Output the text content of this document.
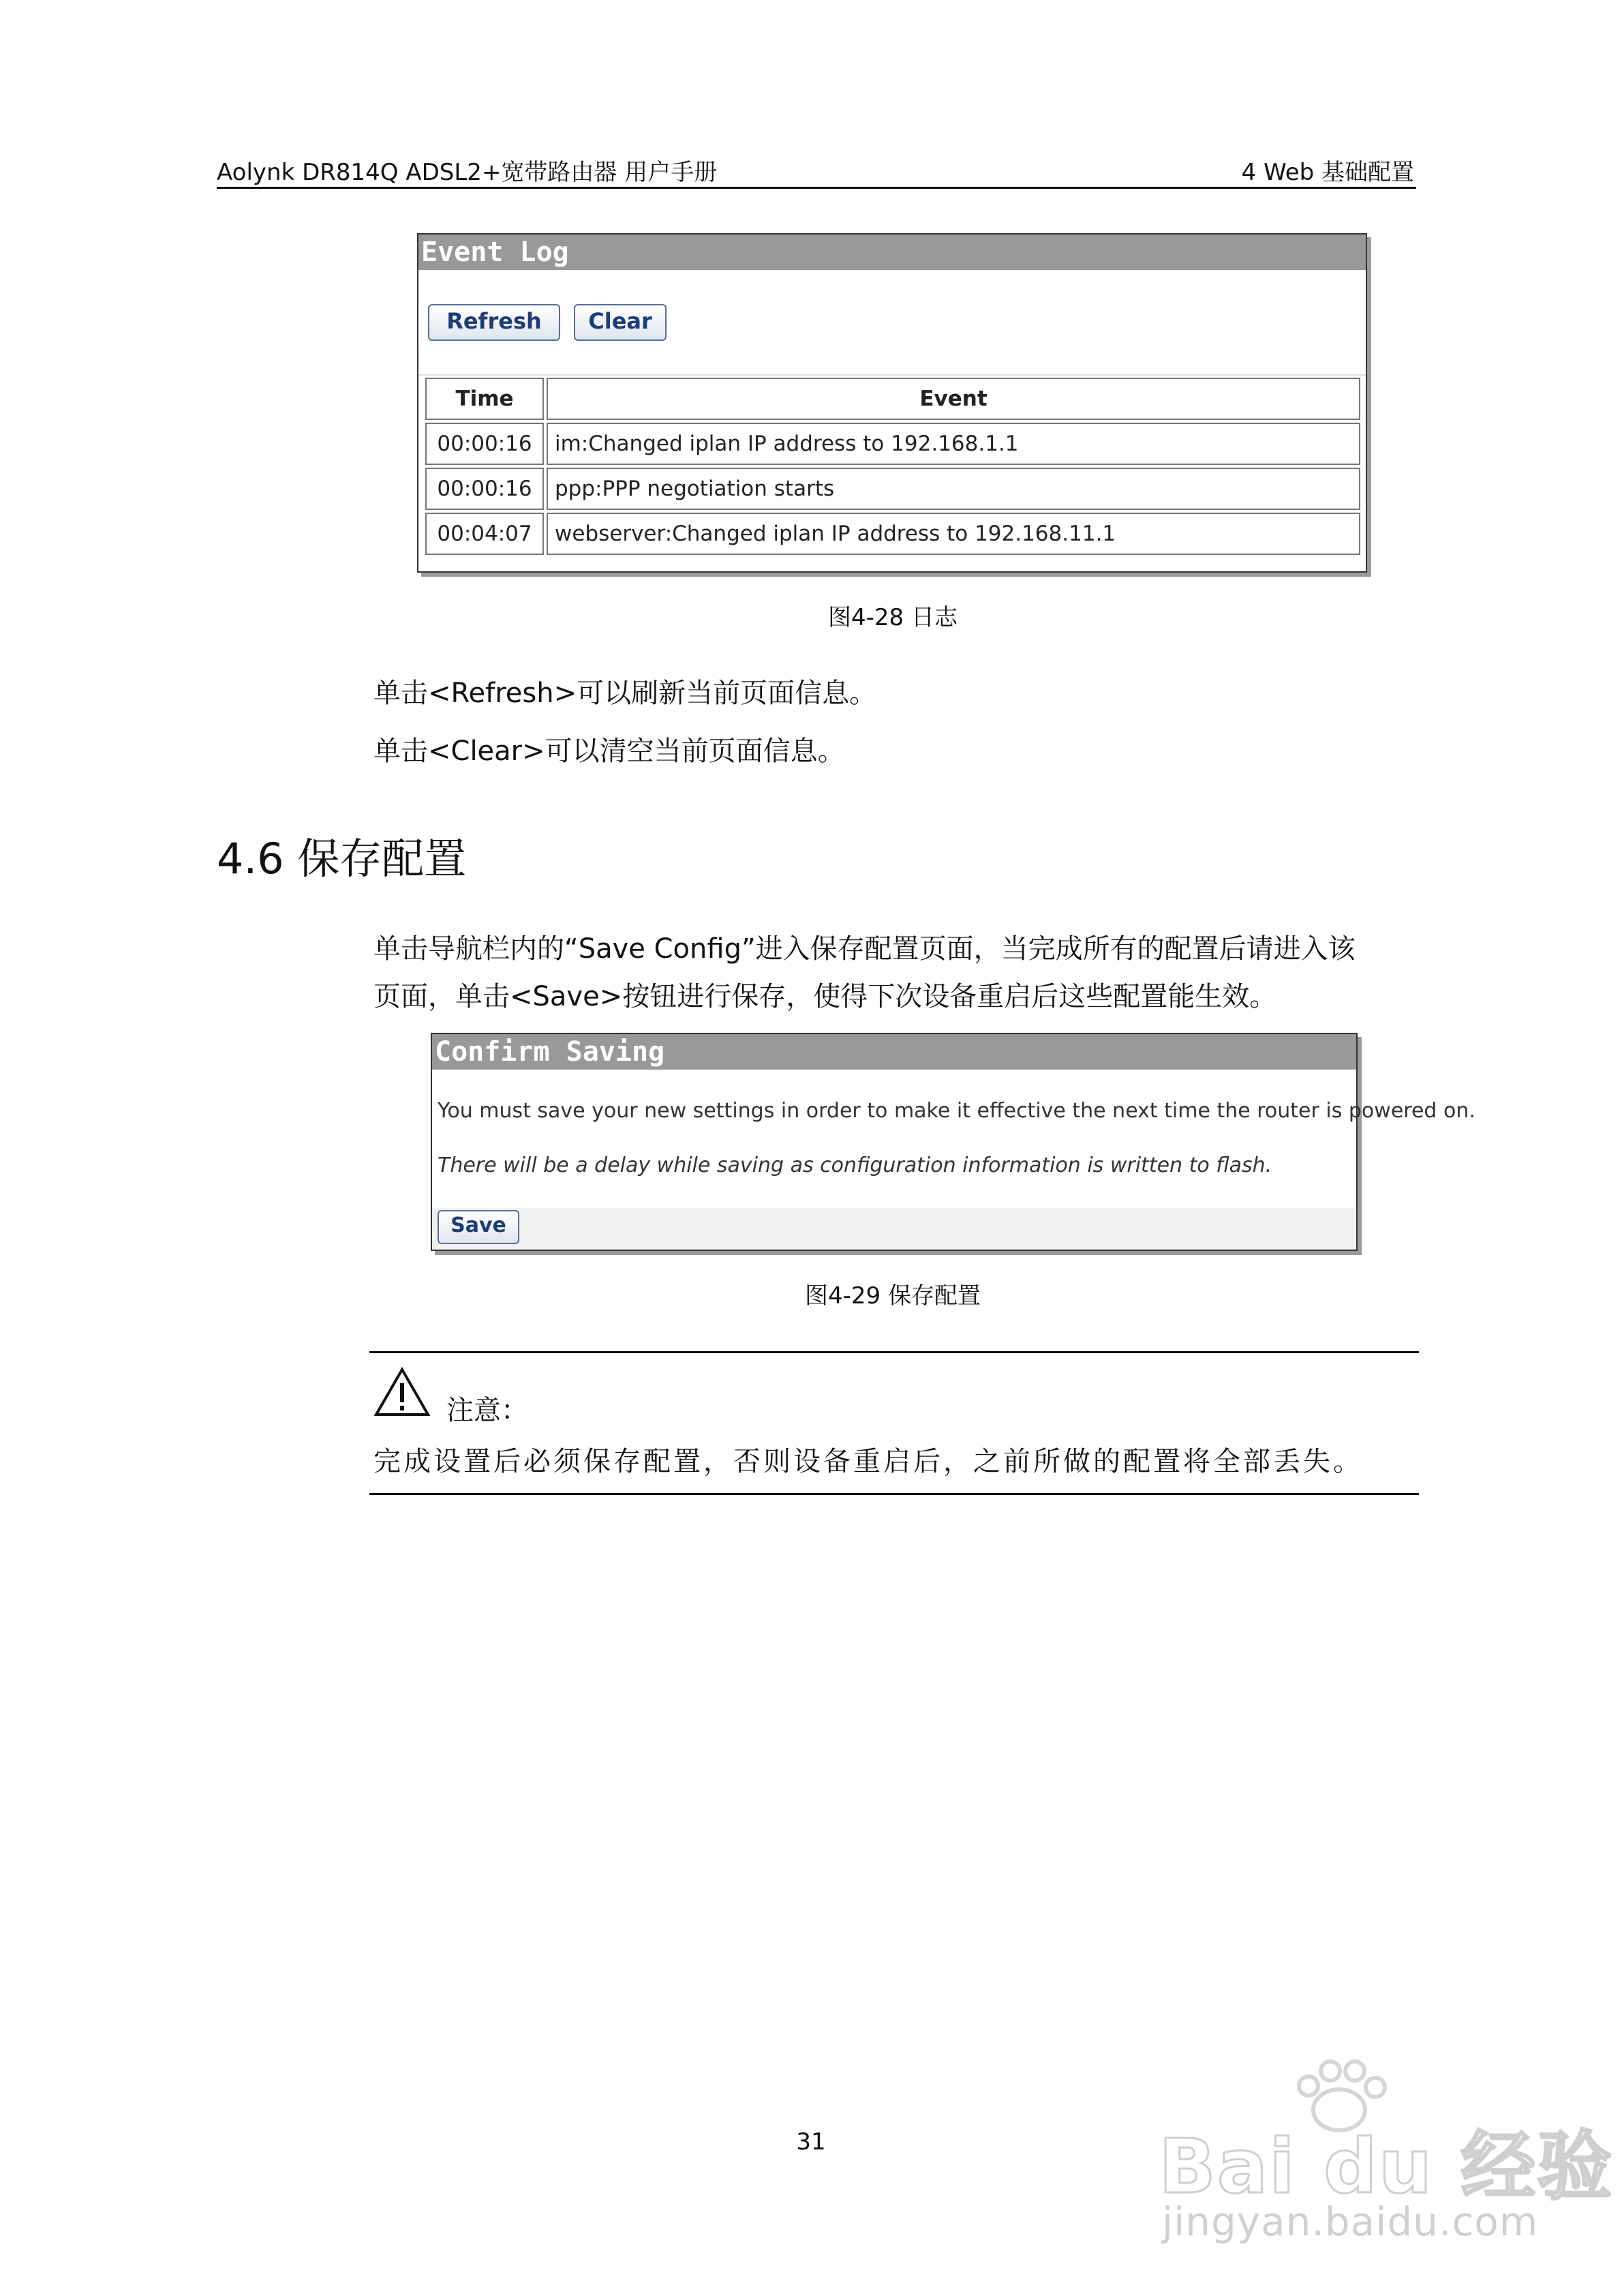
Aolynk DR814Q ADSL2+宽带路由器 用户手册	4 Web 基础配置
Event Log
Refresh	Clear
Time	Event
00:00:16	im:Changed iplan IP address to 192.168.1.1
00:00:16	ppp:PPP negotiation starts
00:04:07	webserver:Changed iplan IP address to 192.168.11.1
图4-28 日志
单击<Refresh>可以刷新当前页面信息。
单击<Clear>可以清空当前页面信息。
4.6 保存配置
单击导航栏内的“Save Config”进入保存配置页面，当完成所有的配置后请进入该
页面，单击<Save>按钮进行保存，使得下次设备重启后这些配置能生效。
Confirm Saving
You must save your new settings in order to make it effective the next time the router is powered on.
There will be a delay while saving as configuration information is written to flash.
Save
图4-29 保存配置
注意：
完成设置后必须保存配置，否则设备重启后，之前所做的配置将全部丢失。
31	Bai du 经验
jingyan.baidu.com
